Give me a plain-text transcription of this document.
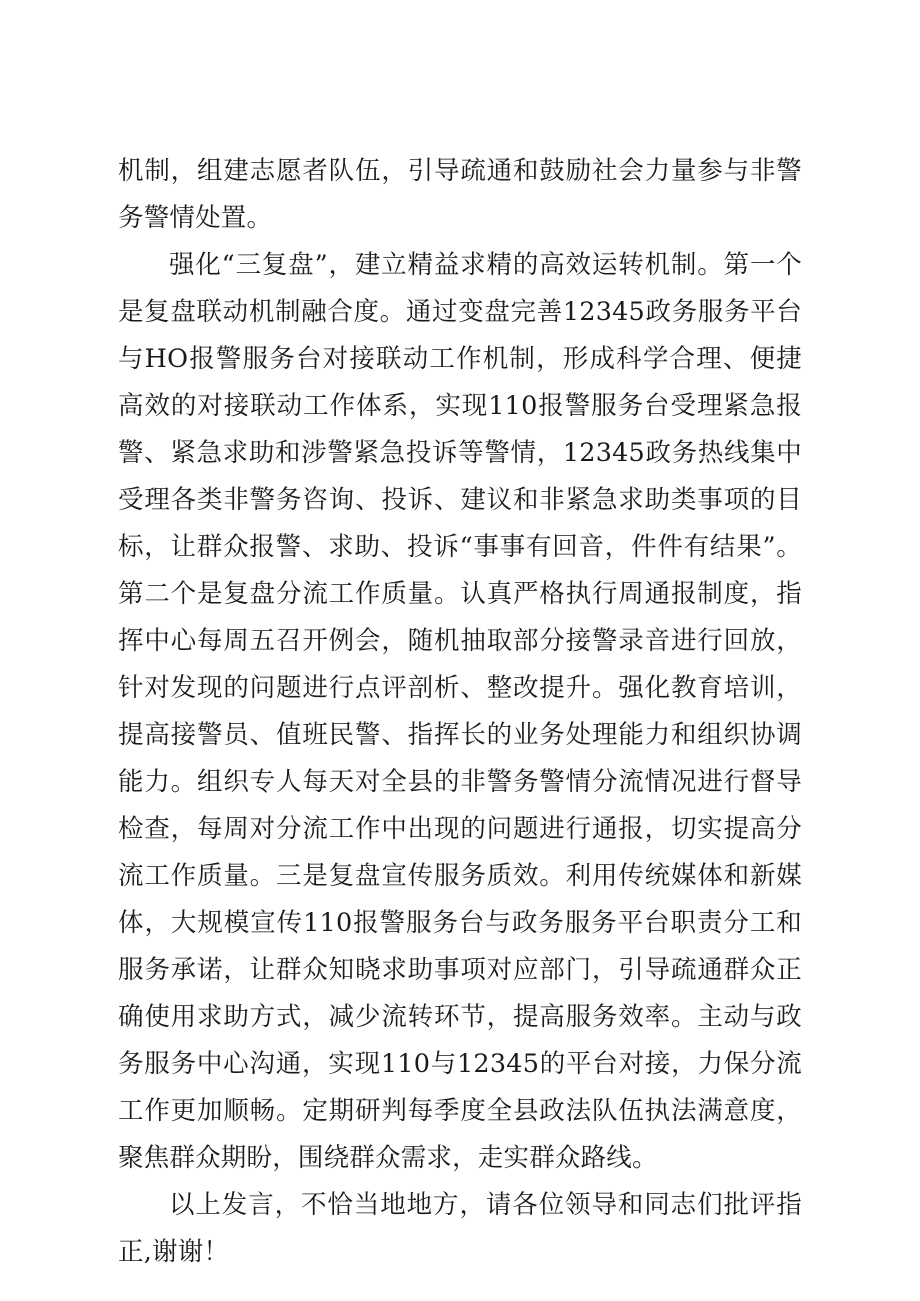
机制，组建志愿者队伍，引导疏通和鼓励社会力量参与非警务警情处置。

强化“三复盘”，建立精益求精的高效运转机制。第一个是复盘联动机制融合度。通过变盘完善12345政务服务平台与HO报警服务台对接联动工作机制，形成科学合理、便捷高效的对接联动工作体系，实现110报警服务台受理紧急报警、紧急求助和涉警紧急投诉等警情，12345政务热线集中受理各类非警务咨询、投诉、建议和非紧急求助类事项的目标，让群众报警、求助、投诉“事事有回音，件件有结果”。第二个是复盘分流工作质量。认真严格执行周通报制度，指挥中心每周五召开例会，随机抽取部分接警录音进行回放，针对发现的问题进行点评剖析、整改提升。强化教育培训，提高接警员、值班民警、指挥长的业务处理能力和组织协调能力。组织专人每天对全县的非警务警情分流情况进行督导检查，每周对分流工作中出现的问题进行通报，切实提高分流工作质量。三是复盘宣传服务质效。利用传统媒体和新媒体，大规模宣传110报警服务台与政务服务平台职责分工和服务承诺，让群众知晓求助事项对应部门，引导疏通群众正确使用求助方式，减少流转环节，提高服务效率。主动与政务服务中心沟通，实现110与12345的平台对接，力保分流工作更加顺畅。定期研判每季度全县政法队伍执法满意度，聚焦群众期盼，围绕群众需求，走实群众路线。

以上发言，不恰当地地方，请各位领导和同志们批评指正,谢谢！
